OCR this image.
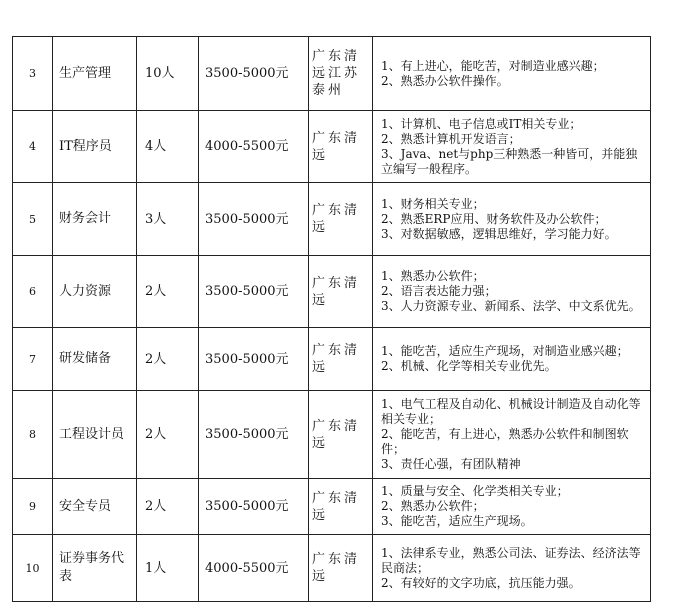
3	生产管理	10人	3500-5000元	广东清远江苏泰州	1、有上进心，能吃苦，对制造业感兴趣；
2、熟悉办公软件操作。

4	IT程序员	4人	4000-5500元	广东清远	1、计算机、电子信息或IT相关专业；
2、熟悉计算机开发语言；
3、Java、net与php三种熟悉一种皆可，并能独立编写一般程序。

5	财务会计	3人	3500-5000元	广东清远	1、财务相关专业；
2、熟悉ERP应用、财务软件及办公软件；
3、对数据敏感，逻辑思维好，学习能力好。

6	人力资源	2人	3500-5000元	广东清远	1、熟悉办公软件；
2、语言表达能力强；
3、人力资源专业、新闻系、法学、中文系优先。

7	研发储备	2人	3500-5000元	广东清远	1、能吃苦，适应生产现场，对制造业感兴趣；
2、机械、化学等相关专业优先。

8	工程设计员	2人	3500-5000元	广东清远	1、电气工程及自动化、机械设计制造及自动化等相关专业；
2、能吃苦，有上进心，熟悉办公软件和制图软件；
3、责任心强，有团队精神

9	安全专员	2人	3500-5000元	广东清远	1、质量与安全、化学类相关专业；
2、熟悉办公软件；
3、能吃苦，适应生产现场。

10	证券事务代表	1人	4000-5500元	广东清远	1、法律系专业，熟悉公司法、证券法、经济法等民商法；
2、有较好的文字功底，抗压能力强。
